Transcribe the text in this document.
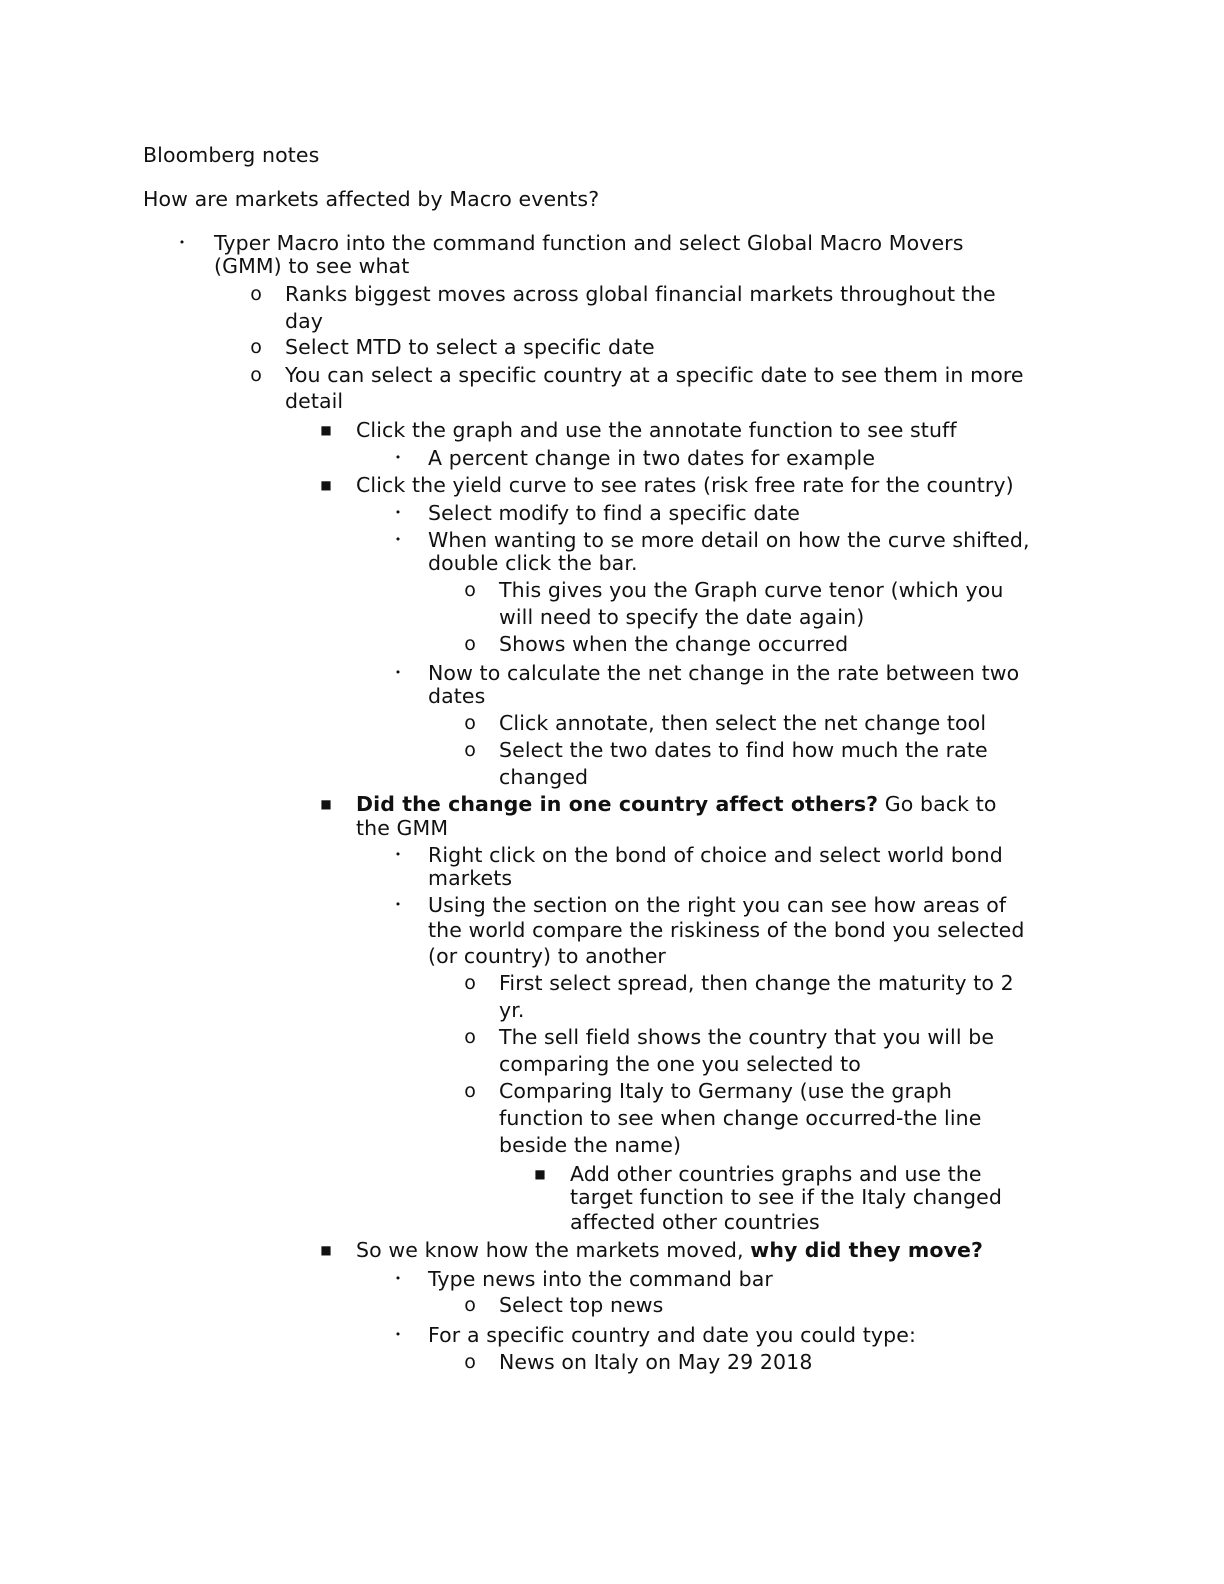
Bloomberg notes
How are markets affected by Macro events?
•	Typer Macro into the command function and select Global Macro Movers
(GMM) to see what
o Ranks biggest moves across global financial markets throughout the
day
o Select MTD to select a specific date
o You can select a specific country at a specific date to see them in more
detail
■ Click the graph and use the annotate function to see stuff
•	A percent change in two dates for example
■ Click the yield curve to see rates (risk free rate for the country)
•	Select modify to find a specific date
•	When wanting to se more detail on how the curve shifted,
double click the bar.
o This gives you the Graph curve tenor (which you
will need to specify the date again)
o Shows when the change occurred
•	Now to calculate the net change in the rate between two
dates
o Click annotate, then select the net change tool
o Select the two dates to find how much the rate
changed
■ Did the change in one country affect others? Go back to
the GMM
•	Right click on the bond of choice and select world bond
markets
•	Using the section on the right you can see how areas of
the world compare the riskiness of the bond you selected
(or country) to another
o First select spread, then change the maturity to 2
yr.
o The sell field shows the country that you will be
comparing the one you selected to
o Comparing Italy to Germany (use the graph
function to see when change occurred-the line
beside the name)
■ Add other countries graphs and use the
target function to see if the Italy changed
affected other countries
■ So we know how the markets moved, why did they move?
•	Type news into the command bar
o Select top news
•	For a specific country and date you could type:
o News on Italy on May 29 2018
